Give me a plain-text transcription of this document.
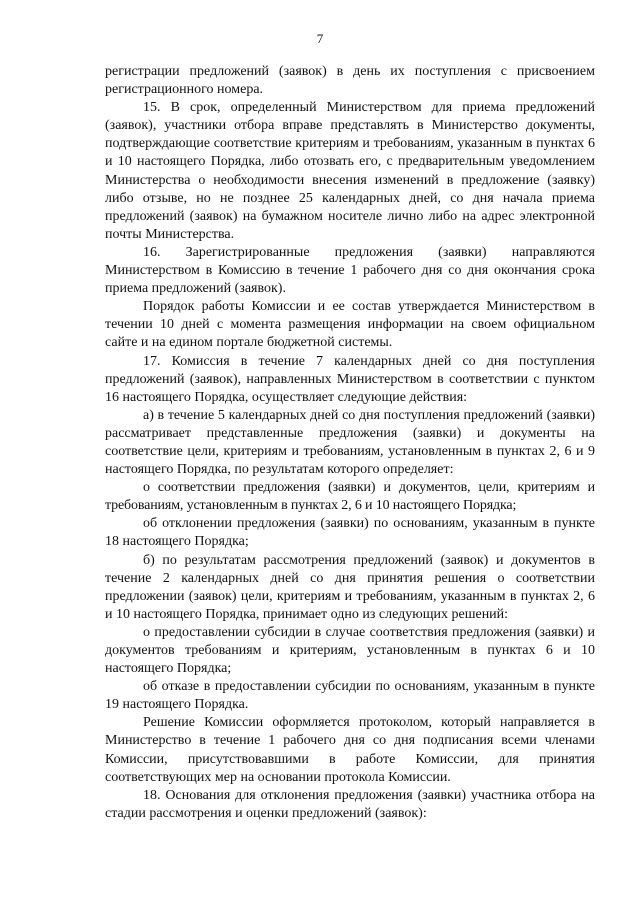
7

регистрации предложений (заявок) в день их поступления с присвоением регистрационного номера.

15. В срок, определенный Министерством для приема предложений (заявок), участники отбора вправе представлять в Министерство документы, подтверждающие соответствие критериям и требованиям, указанным в пунктах 6 и 10 настоящего Порядка, либо отозвать его, с предварительным уведомлением Министерства о необходимости внесения изменений в предложение (заявку) либо отзыве, но не позднее 25 календарных дней, со дня начала приема предложений (заявок) на бумажном носителе лично либо на адрес электронной почты Министерства.

16. Зарегистрированные предложения (заявки) направляются Министерством в Комиссию в течение 1 рабочего дня со дня окончания срока приема предложений (заявок).

Порядок работы Комиссии и ее состав утверждается Министерством в течении 10 дней с момента размещения информации на своем официальном сайте и на едином портале бюджетной системы.

17. Комиссия в течение 7 календарных дней со дня поступления предложений (заявок), направленных Министерством в соответствии с пунктом 16 настоящего Порядка, осуществляет следующие действия:

а) в течение 5 календарных дней со дня поступления предложений (заявки) рассматривает представленные предложения (заявки) и документы на соответствие цели, критериям и требованиям, установленным в пунктах 2, 6 и 9 настоящего Порядка, по результатам которого определяет:

о соответствии предложения (заявки) и документов, цели, критериям и требованиям, установленным в пунктах 2, 6 и 10 настоящего Порядка;

об отклонении предложения (заявки) по основаниям, указанным в пункте 18 настоящего Порядка;

б) по результатам рассмотрения предложений (заявок) и документов в течение 2 календарных дней со дня принятия решения о соответствии предложении (заявок) цели, критериям и требованиям, указанным в пунктах 2, 6 и 10 настоящего Порядка, принимает одно из следующих решений:

о предоставлении субсидии в случае соответствия предложения (заявки) и документов требованиям и критериям, установленным в пунктах 6 и 10 настоящего Порядка;

об отказе в предоставлении субсидии по основаниям, указанным в пункте 19 настоящего Порядка.

Решение Комиссии оформляется протоколом, который направляется в Министерство в течение 1 рабочего дня со дня подписания всеми членами Комиссии, присутствовавшими в работе Комиссии, для принятия соответствующих мер на основании протокола Комиссии.

18. Основания для отклонения предложения (заявки) участника отбора на стадии рассмотрения и оценки предложений (заявок):
